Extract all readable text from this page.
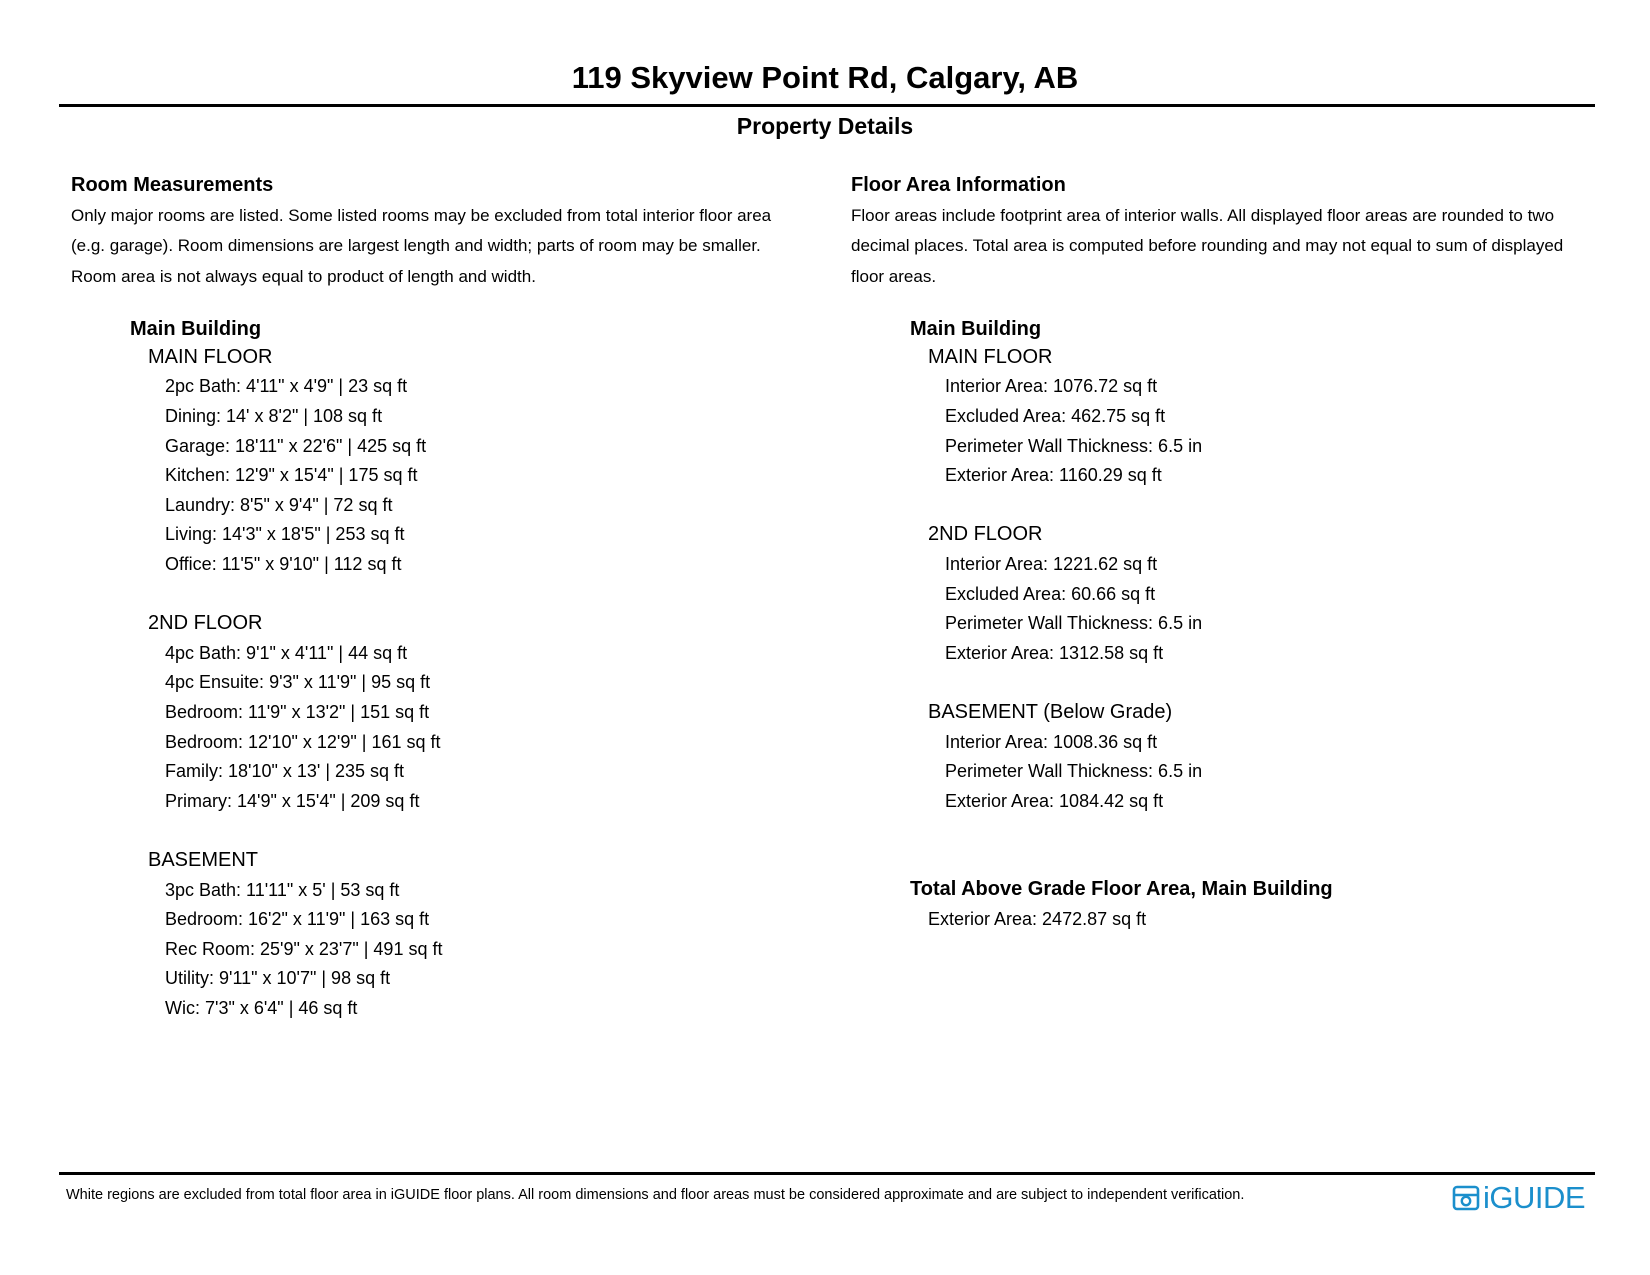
119 Skyview Point Rd, Calgary, AB
Property Details
Room Measurements
Only major rooms are listed. Some listed rooms may be excluded from total interior floor area
(e.g. garage). Room dimensions are largest length and width; parts of room may be smaller.
Room area is not always equal to product of length and width.
Main Building
MAIN FLOOR
2pc Bath: 4'11" x 4'9" | 23 sq ft
Dining: 14' x 8'2" | 108 sq ft
Garage: 18'11" x 22'6" | 425 sq ft
Kitchen: 12'9" x 15'4" | 175 sq ft
Laundry: 8'5" x 9'4" | 72 sq ft
Living: 14'3" x 18'5" | 253 sq ft
Office: 11'5" x 9'10" | 112 sq ft
2ND FLOOR
4pc Bath: 9'1" x 4'11" | 44 sq ft
4pc Ensuite: 9'3" x 11'9" | 95 sq ft
Bedroom: 11'9" x 13'2" | 151 sq ft
Bedroom: 12'10" x 12'9" | 161 sq ft
Family: 18'10" x 13' | 235 sq ft
Primary: 14'9" x 15'4" | 209 sq ft
BASEMENT
3pc Bath: 11'11" x 5' | 53 sq ft
Bedroom: 16'2" x 11'9" | 163 sq ft
Rec Room: 25'9" x 23'7" | 491 sq ft
Utility: 9'11" x 10'7" | 98 sq ft
Wic: 7'3" x 6'4" | 46 sq ft
Floor Area Information
Floor areas include footprint area of interior walls. All displayed floor areas are rounded to two
decimal places. Total area is computed before rounding and may not equal to sum of displayed
floor areas.
Main Building
MAIN FLOOR
Interior Area: 1076.72 sq ft
Excluded Area: 462.75 sq ft
Perimeter Wall Thickness: 6.5 in
Exterior Area: 1160.29 sq ft
2ND FLOOR
Interior Area: 1221.62 sq ft
Excluded Area: 60.66 sq ft
Perimeter Wall Thickness: 6.5 in
Exterior Area: 1312.58 sq ft
BASEMENT (Below Grade)
Interior Area: 1008.36 sq ft
Perimeter Wall Thickness: 6.5 in
Exterior Area: 1084.42 sq ft
Total Above Grade Floor Area, Main Building
Exterior Area: 2472.87 sq ft
White regions are excluded from total floor area in iGUIDE floor plans. All room dimensions and floor areas must be considered approximate and are subject to independent verification.	iGUIDE
